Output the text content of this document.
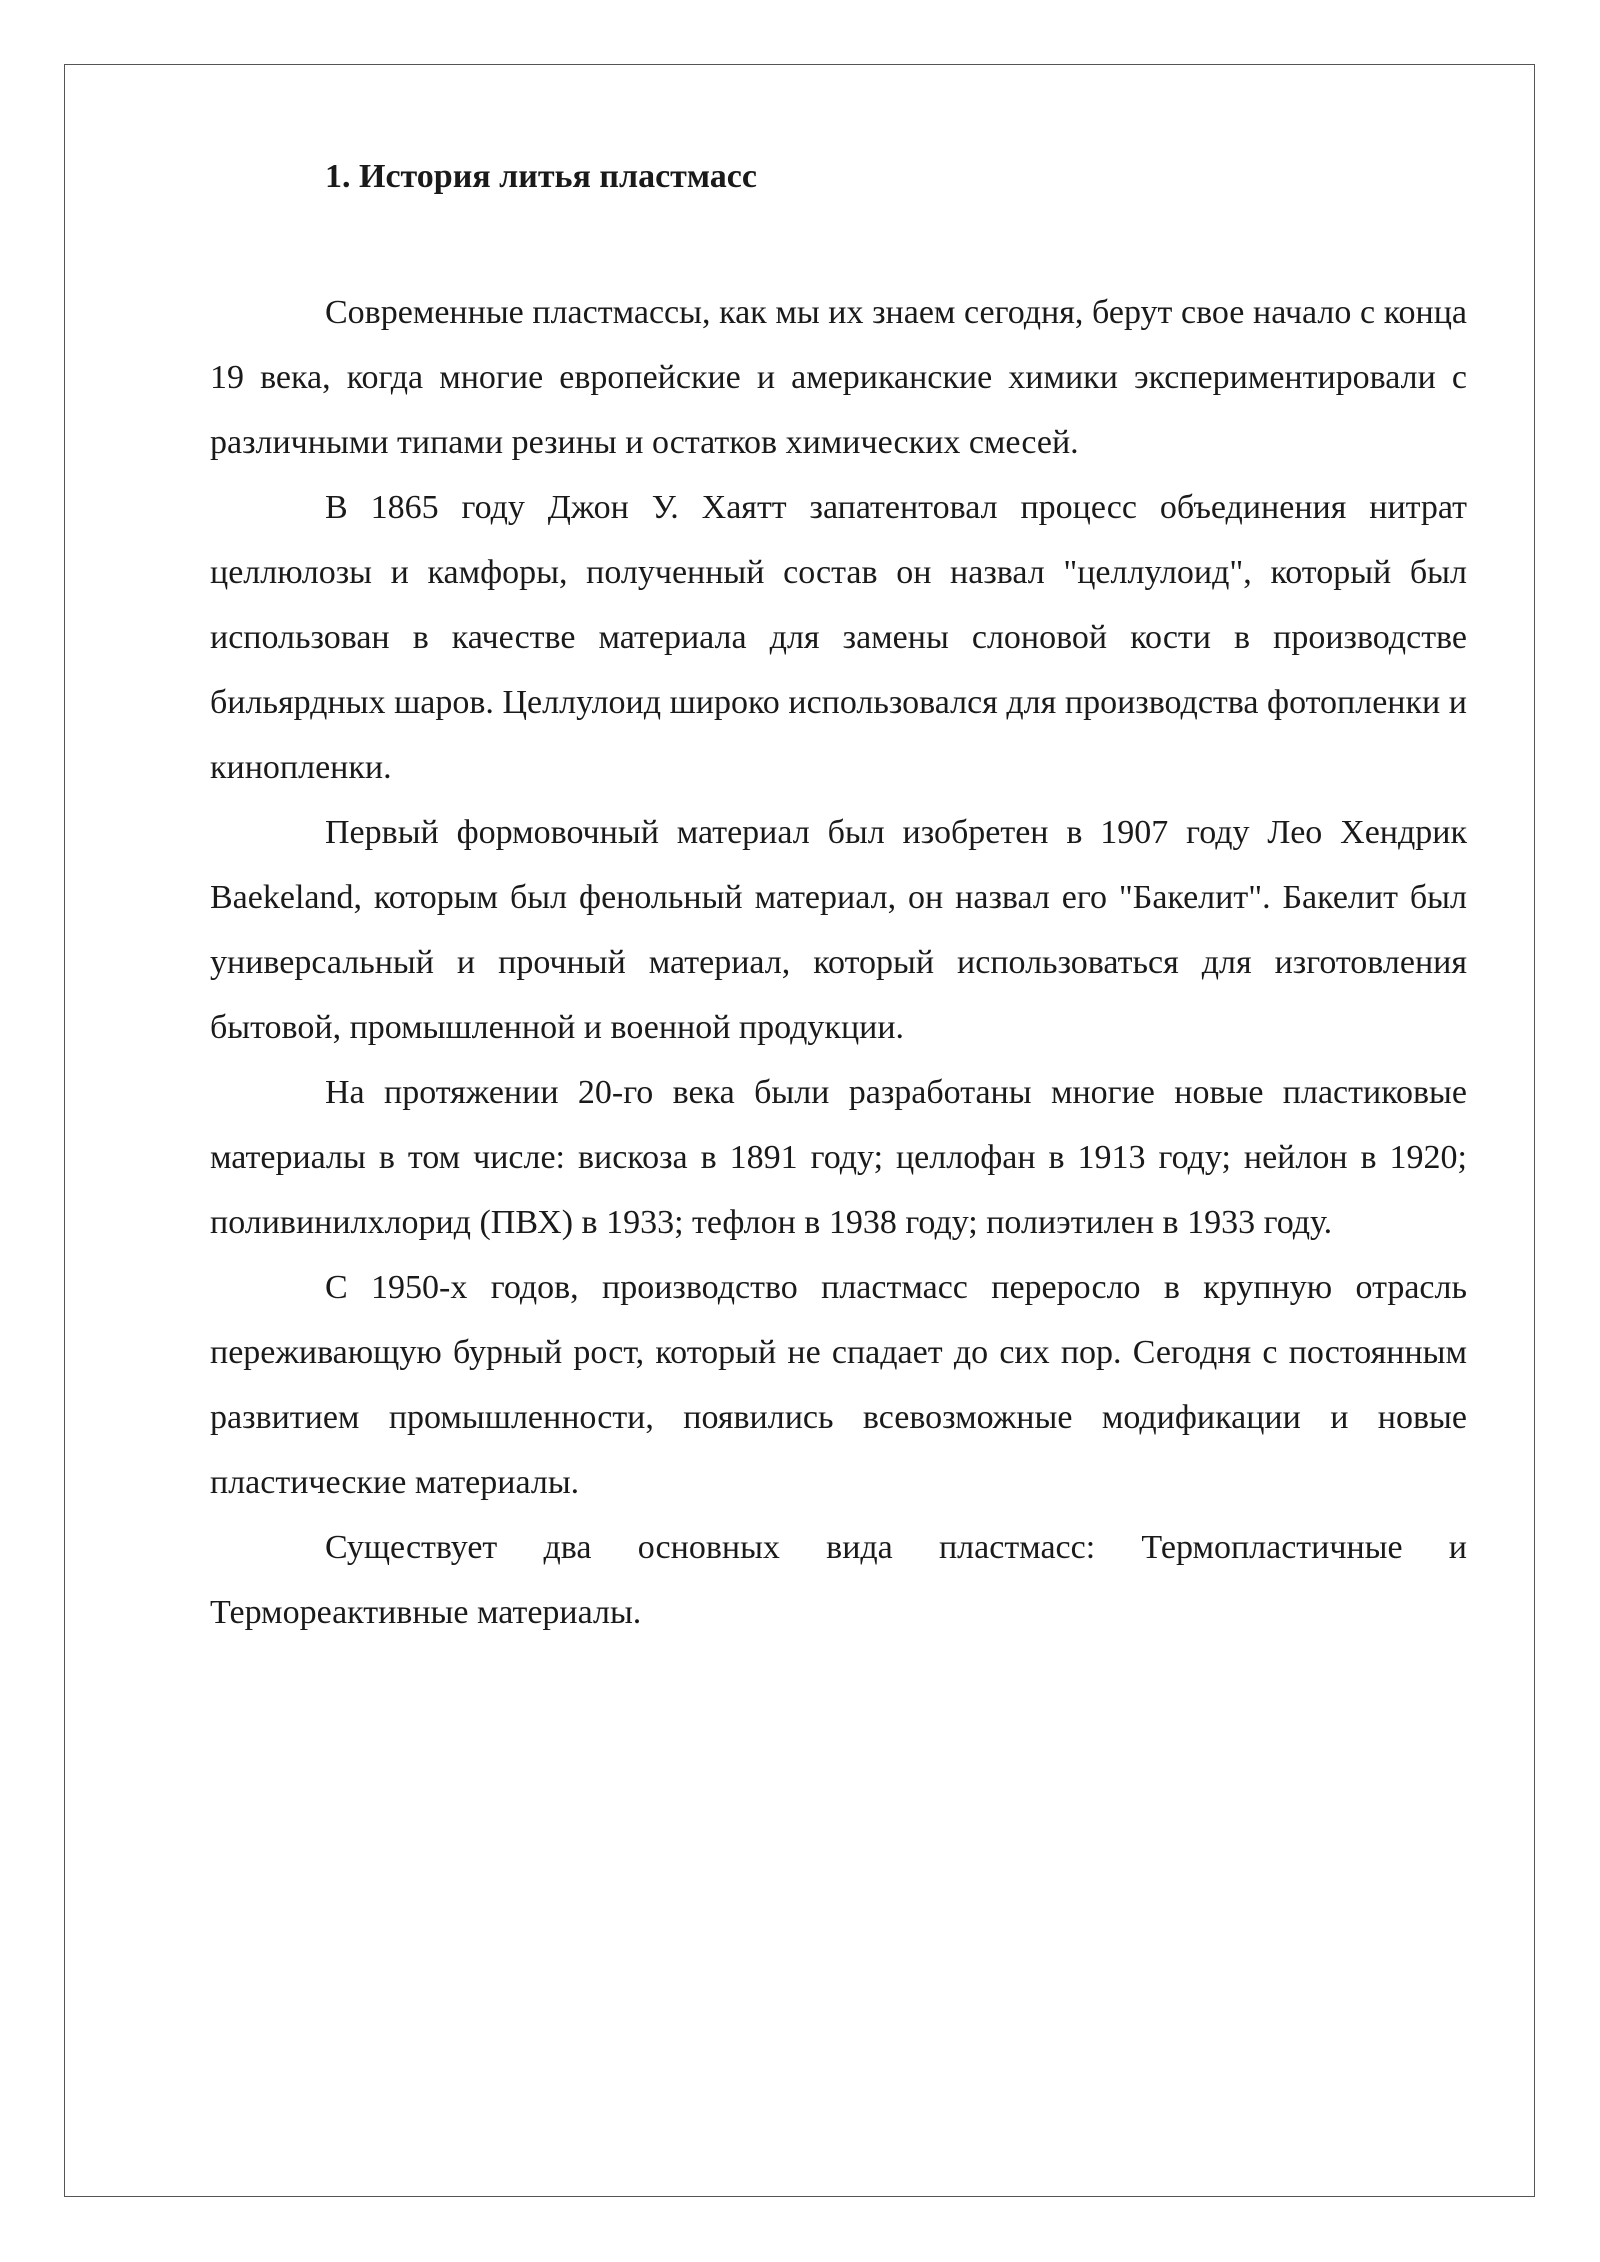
1. История литья пластмасс

Современные пластмассы, как мы их знаем сегодня, берут свое начало с конца 19 века, когда многие европейские и американские химики экспериментировали с различными типами резины и остатков химических смесей.

В 1865 году Джон У. Хаятт запатентовал процесс объединения нитрат целлюлозы и камфоры, полученный состав он назвал "целлулоид", который был использован в качестве материала для замены слоновой кости в производстве бильярдных шаров. Целлулоид широко использовался для производства фотопленки и кинопленки.

Первый формовочный материал был изобретен в 1907 году Лео Хендрик Baekeland, которым был фенольный материал, он назвал его "Бакелит". Бакелит был универсальный и прочный материал, который использоваться для изготовления бытовой, промышленной и военной продукции.

На протяжении 20-го века были разработаны многие новые пластиковые материалы в том числе: вискоза в 1891 году; целлофан в 1913 году; нейлон в 1920; поливинилхлорид (ПВХ) в 1933; тефлон в 1938 году; полиэтилен в 1933 году.

С 1950-х годов, производство пластмасс переросло в крупную отрасль переживающую бурный рост, который не спадает до сих пор. Сегодня с постоянным развитием промышленности, появились всевозможные модификации и новые пластические материалы.

Существует два основных вида пластмасс: Термопластичные и Термореактивные материалы.
